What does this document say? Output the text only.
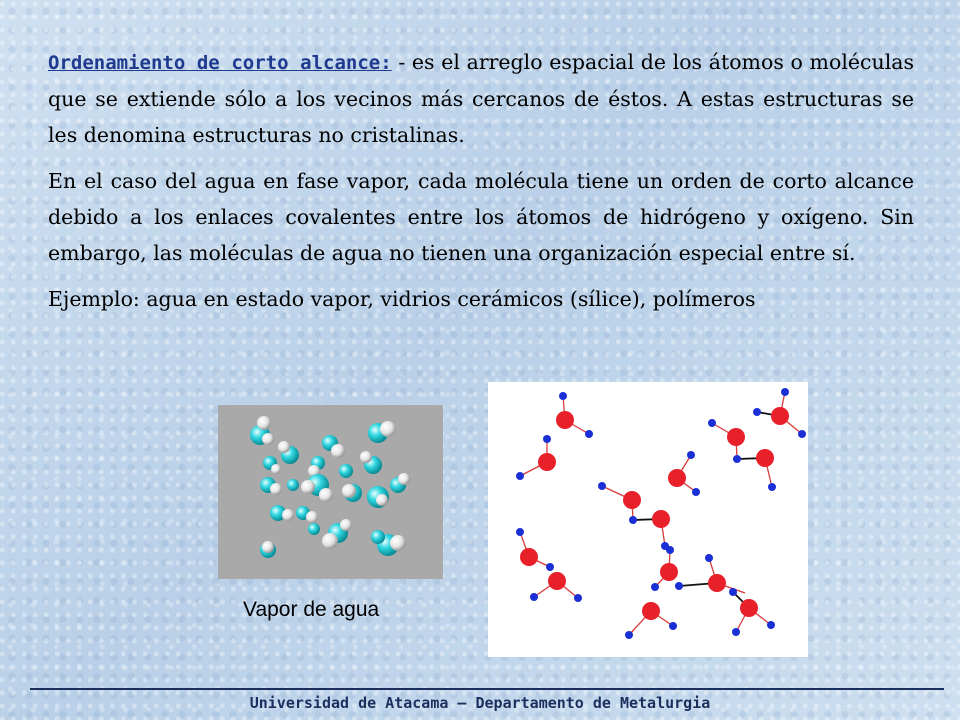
Ordenamiento de corto alcance: - es el arreglo espacial de los átomos o moléculas que se extiende sólo a los vecinos más cercanos de éstos. A estas estructuras se les denomina estructuras no cristalinas.

En el caso del agua en fase vapor, cada molécula tiene un orden de corto alcance debido a los enlaces covalentes entre los átomos de hidrógeno y oxígeno. Sin embargo, las moléculas de agua no tienen una organización especial entre sí.

Ejemplo: agua en estado vapor, vidrios cerámicos (sílice), polímeros

Vapor de agua
Universidad de Atacama – Departamento de Metalurgia
